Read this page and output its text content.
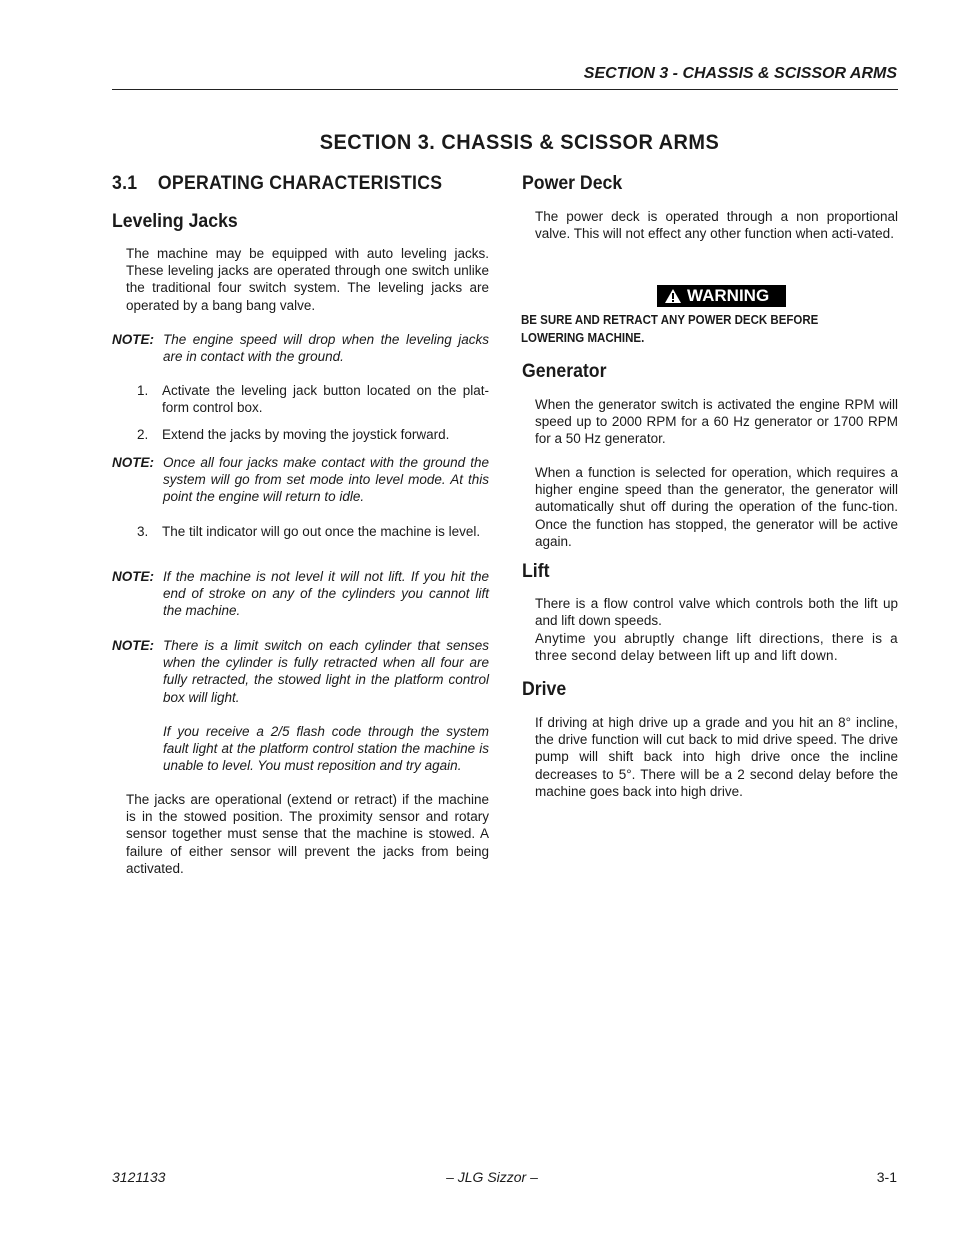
SECTION 3 - CHASSIS & SCISSOR ARMS
SECTION 3. CHASSIS & SCISSOR ARMS
3.1 OPERATING CHARACTERISTICS
Leveling Jacks
The machine may be equipped with auto leveling jacks. These leveling jacks are operated through one switch unlike the traditional four switch system. The leveling jacks are operated by a bang bang valve.
NOTE: The engine speed will drop when the leveling jacks are in contact with the ground.
1. Activate the leveling jack button located on the plat-form control box.
2. Extend the jacks by moving the joystick forward.
NOTE: Once all four jacks make contact with the ground the system will go from set mode into level mode. At this point the engine will return to idle.
3. The tilt indicator will go out once the machine is level.
NOTE: If the machine is not level it will not lift. If you hit the end of stroke on any of the cylinders you cannot lift the machine.
NOTE: There is a limit switch on each cylinder that senses when the cylinder is fully retracted when all four are fully retracted, the stowed light in the platform control box will light.
If you receive a 2/5 flash code through the system fault light at the platform control station the machine is unable to level. You must reposition and try again.
The jacks are operational (extend or retract) if the machine is in the stowed position. The proximity sensor and rotary sensor together must sense that the machine is stowed. A failure of either sensor will prevent the jacks from being activated.
Power Deck
The power deck is operated through a non proportional valve. This will not effect any other function when acti-vated.
WARNING
BE SURE AND RETRACT ANY POWER DECK BEFORE LOWERING MACHINE.
Generator
When the generator switch is activated the engine RPM will speed up to 2000 RPM for a 60 Hz generator or 1700 RPM for a 50 Hz generator.
When a function is selected for operation, which requires a higher engine speed than the generator, the generator will automatically shut off during the operation of the func-tion. Once the function has stopped, the generator will be active again.
Lift
There is a flow control valve which controls both the lift up and lift down speeds.
Anytime you abruptly change lift directions, there is a three second delay between lift up and lift down.
Drive
If driving at high drive up a grade and you hit an 8° incline, the drive function will cut back to mid drive speed. The drive pump will shift back into high drive once the incline decreases to 5°. There will be a 2 second delay before the machine goes back into high drive.
3121133	– JLG Sizzor –	3-1
